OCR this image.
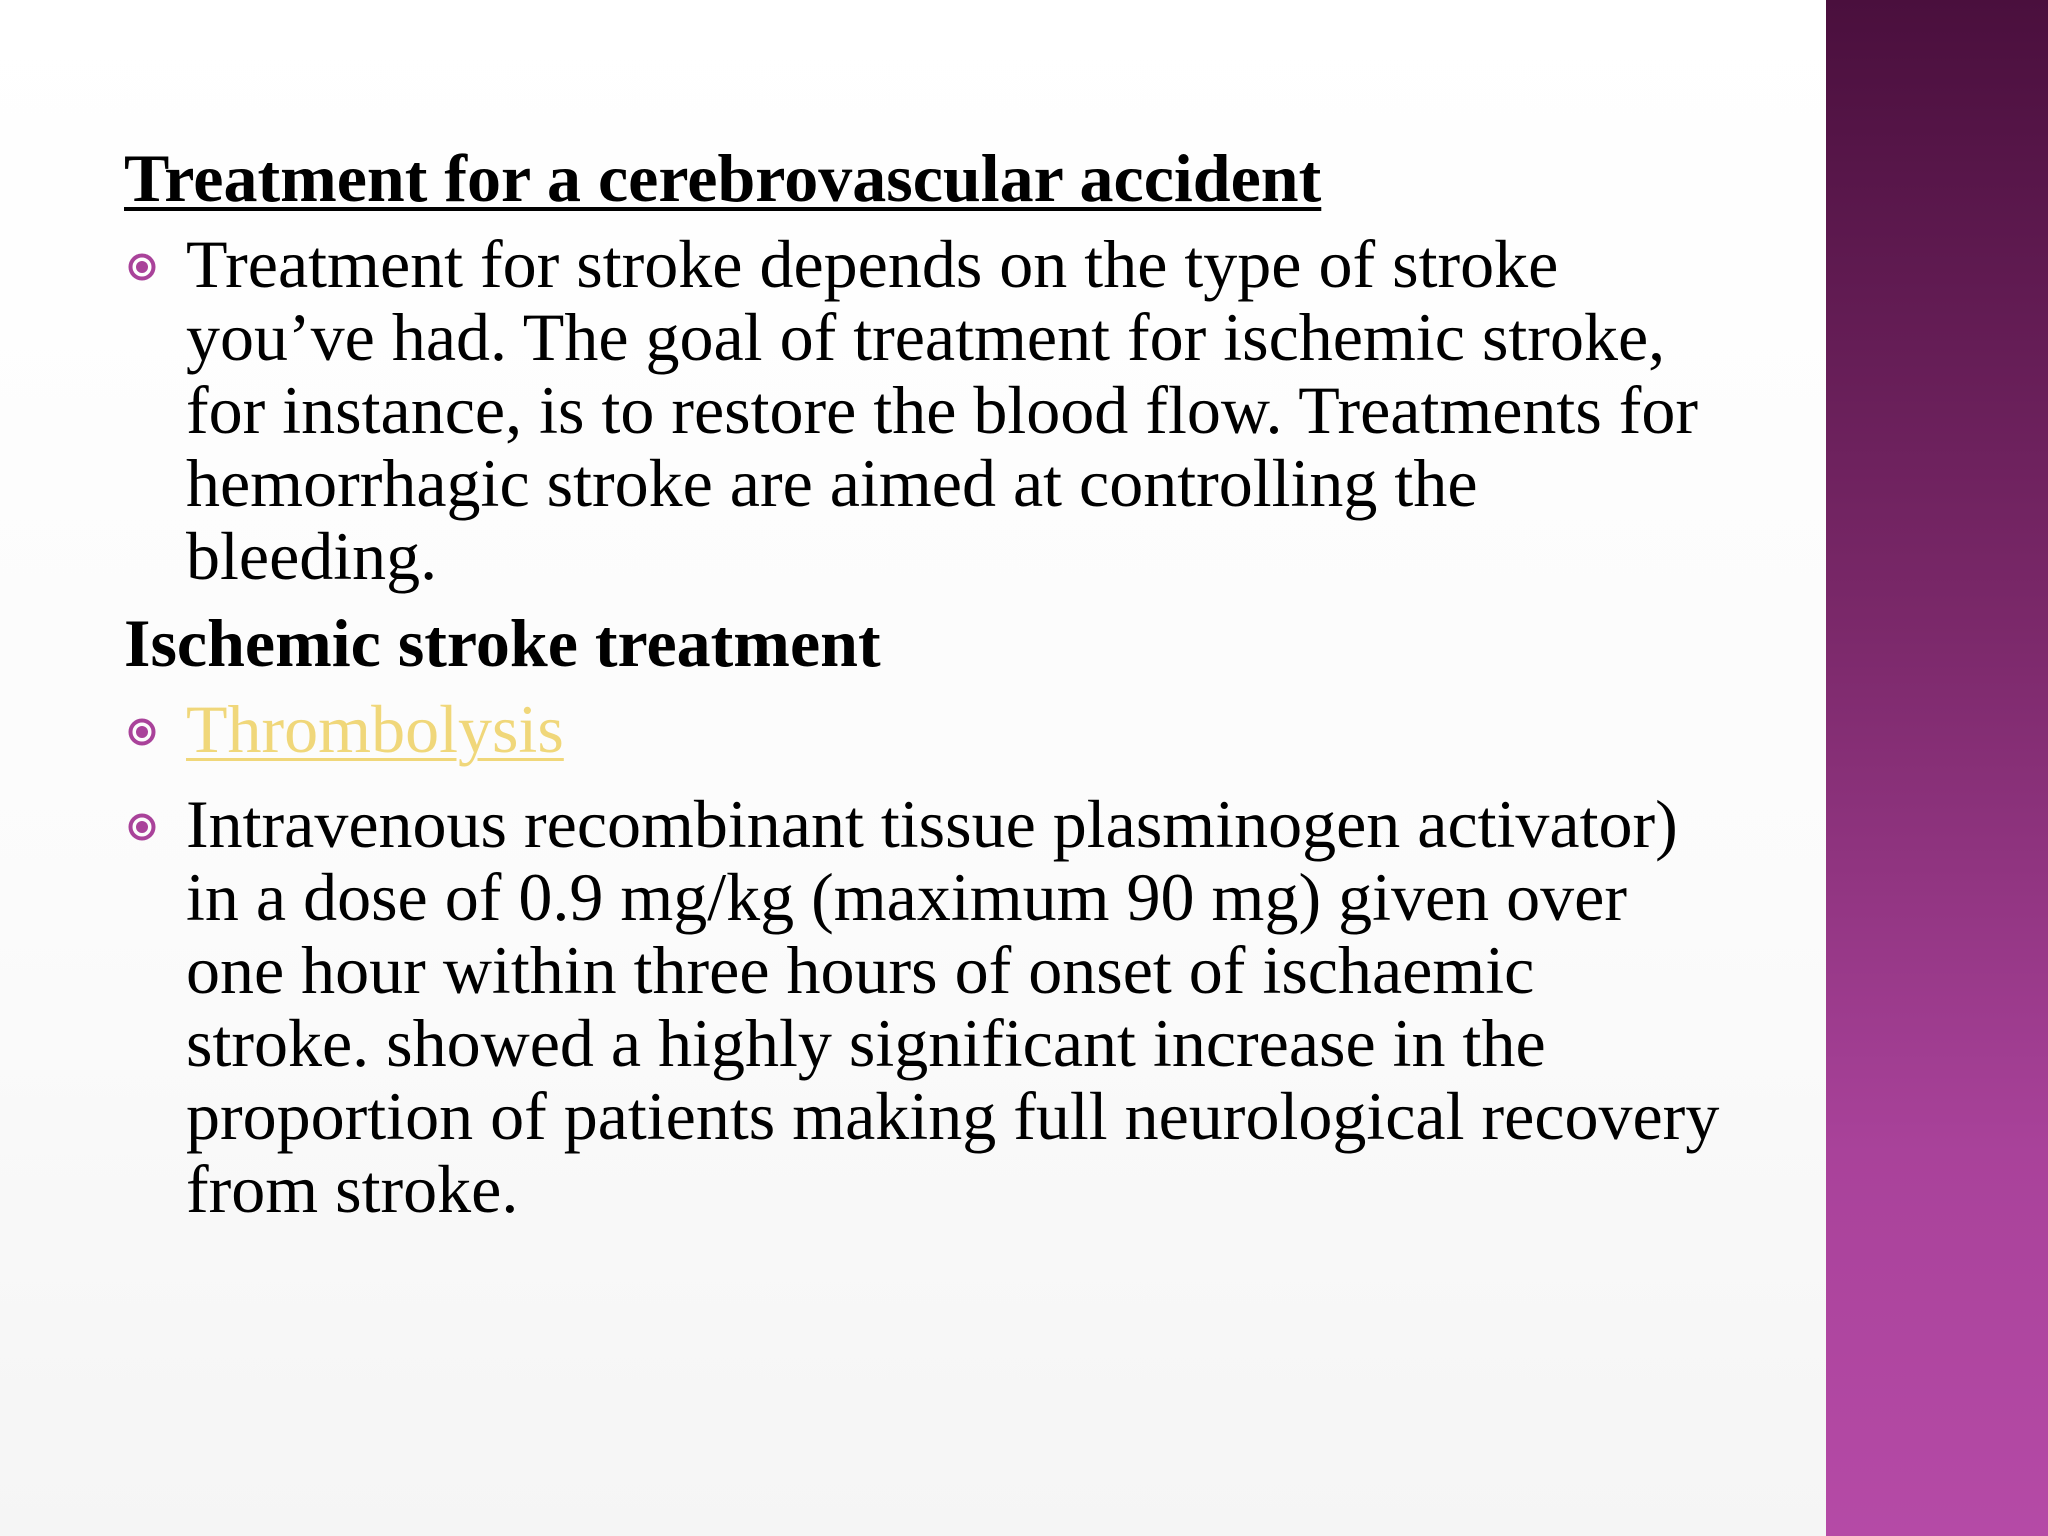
Treatment for a cerebrovascular accident

Treatment for stroke depends on the type of stroke
you’ve had. The goal of treatment for ischemic stroke,
for instance, is to restore the blood flow. Treatments for
hemorrhagic stroke are aimed at controlling the
bleeding.

Ischemic stroke treatment

Thrombolysis
Intravenous recombinant tissue plasminogen activator)
in a dose of 0.9 mg/kg (maximum 90 mg) given over
one hour within three hours of onset of ischaemic
stroke. showed a highly significant increase in the
proportion of patients making full neurological recovery
from stroke.
